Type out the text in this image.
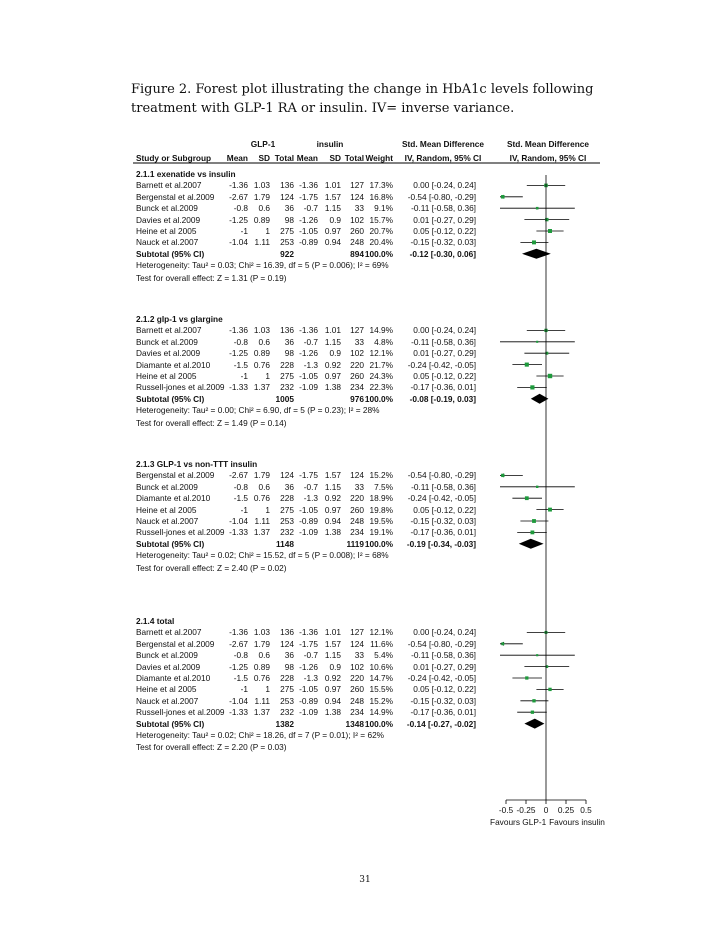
Figure 2. Forest plot illustrating the change in HbA1c levels following treatment with GLP-1 RA or insulin. IV= inverse variance.
GLP-1	insulin	Std. Mean Difference	Std. Mean Difference
Study or Subgroup	Mean	SD Total Mean	SD Total Weight	IV, Random, 95% CI	IV, Random, 95% CI
2.1.1 exenatide vs insulin
Barnett et al.2007	-1.36 1.03	136 -1.36 1.01	127 17.3%	0.00 [-0.24, 0.24]
Bergenstal et al.2009	-2.67 1.79	124 -1.75 1.57	124 16.8%	-0.54 [-0.80, -0.29]
Bunck et al.2009	-0.8	0.6	36	-0.7 1.15	33	9.1%	-0.11 [-0.58, 0.36]
Davies et al.2009	-1.25 0.89	98 -1.26	0.9	102 15.7%	0.01 [-0.27, 0.29]
Heine et al 2005	-1	1	275 -1.05 0.97	260 20.7%	0.05 [-0.12, 0.22]
Nauck et al.2007	-1.04 1.11	253 -0.89 0.94	248 20.4%	-0.15 [-0.32, 0.03]
Subtotal (95% CI)	922	894 100.0%	-0.12 [-0.30, 0.06]
Heterogeneity: Tau² = 0.03; Chi² = 16.39, df = 5 (P = 0.006); I² = 69%
Test for overall effect: Z = 1.31 (P = 0.19)
2.1.2 glp-1 vs glargine
Barnett et al.2007	-1.36 1.03	136 -1.36 1.01	127 14.9%	0.00 [-0.24, 0.24]
Bunck et al.2009	-0.8	0.6	36	-0.7 1.15	33	4.8%	-0.11 [-0.58, 0.36]
Davies et al.2009	-1.25 0.89	98 -1.26	0.9	102 12.1%	0.01 [-0.27, 0.29]
Diamante et al.2010	-1.5 0.76	228	-1.3 0.92	220 21.7%	-0.24 [-0.42, -0.05]
Heine et al 2005	-1	1	275 -1.05 0.97	260 24.3%	0.05 [-0.12, 0.22]
Russell-jones et al.2009 -1.33 1.37	232 -1.09 1.38	234 22.3%	-0.17 [-0.36, 0.01]
Subtotal (95% CI)	1005	976 100.0%	-0.08 [-0.19, 0.03]
Heterogeneity: Tau² = 0.00; Chi² = 6.90, df = 5 (P = 0.23); I² = 28%
Test for overall effect: Z = 1.49 (P = 0.14)
2.1.3 GLP-1 vs non-TTT insulin
Bergenstal et al.2009	-2.67 1.79	124 -1.75 1.57	124 15.2%	-0.54 [-0.80, -0.29]
Bunck et al.2009	-0.8	0.6	36	-0.7 1.15	33	7.5%	-0.11 [-0.58, 0.36]
Diamante et al.2010	-1.5 0.76	228	-1.3 0.92	220 18.9%	-0.24 [-0.42, -0.05]
Heine et al 2005	-1	1	275 -1.05 0.97	260 19.8%	0.05 [-0.12, 0.22]
Nauck et al.2007	-1.04 1.11	253 -0.89 0.94	248 19.5%	-0.15 [-0.32, 0.03]
Russell-jones et al.2009 -1.33 1.37	232 -1.09 1.38	234 19.1%	-0.17 [-0.36, 0.01]
Subtotal (95% CI)	1148	1119 100.0%	-0.19 [-0.34, -0.03]
Heterogeneity: Tau² = 0.02; Chi² = 15.52, df = 5 (P = 0.008); I² = 68%
Test for overall effect: Z = 2.40 (P = 0.02)
2.1.4 total
Barnett et al.2007	-1.36 1.03	136 -1.36 1.01	127 12.1%	0.00 [-0.24, 0.24]
Bergenstal et al.2009	-2.67 1.79	124 -1.75 1.57	124 11.6%	-0.54 [-0.80, -0.29]
Bunck et al.2009	-0.8	0.6	36	-0.7 1.15	33	5.4%	-0.11 [-0.58, 0.36]
Davies et al.2009	-1.25 0.89	98 -1.26	0.9	102 10.6%	0.01 [-0.27, 0.29]
Diamante et al.2010	-1.5 0.76	228	-1.3 0.92	220 14.7%	-0.24 [-0.42, -0.05]
Heine et al 2005	-1	1	275 -1.05 0.97	260 15.5%	0.05 [-0.12, 0.22]
Nauck et al.2007	-1.04 1.11	253 -0.89 0.94	248 15.2%	-0.15 [-0.32, 0.03]
Russell-jones et al.2009 -1.33 1.37	232 -1.09 1.38	234 14.9%	-0.17 [-0.36, 0.01]
Subtotal (95% CI)	1382	1348 100.0%	-0.14 [-0.27, -0.02]
Heterogeneity: Tau² = 0.02; Chi² = 18.26, df = 7 (P = 0.01); I² = 62%
Test for overall effect: Z = 2.20 (P = 0.03)
-0.5 -0.25 0	0.25 0.5
Favours GLP-1 Favours insulin
31
